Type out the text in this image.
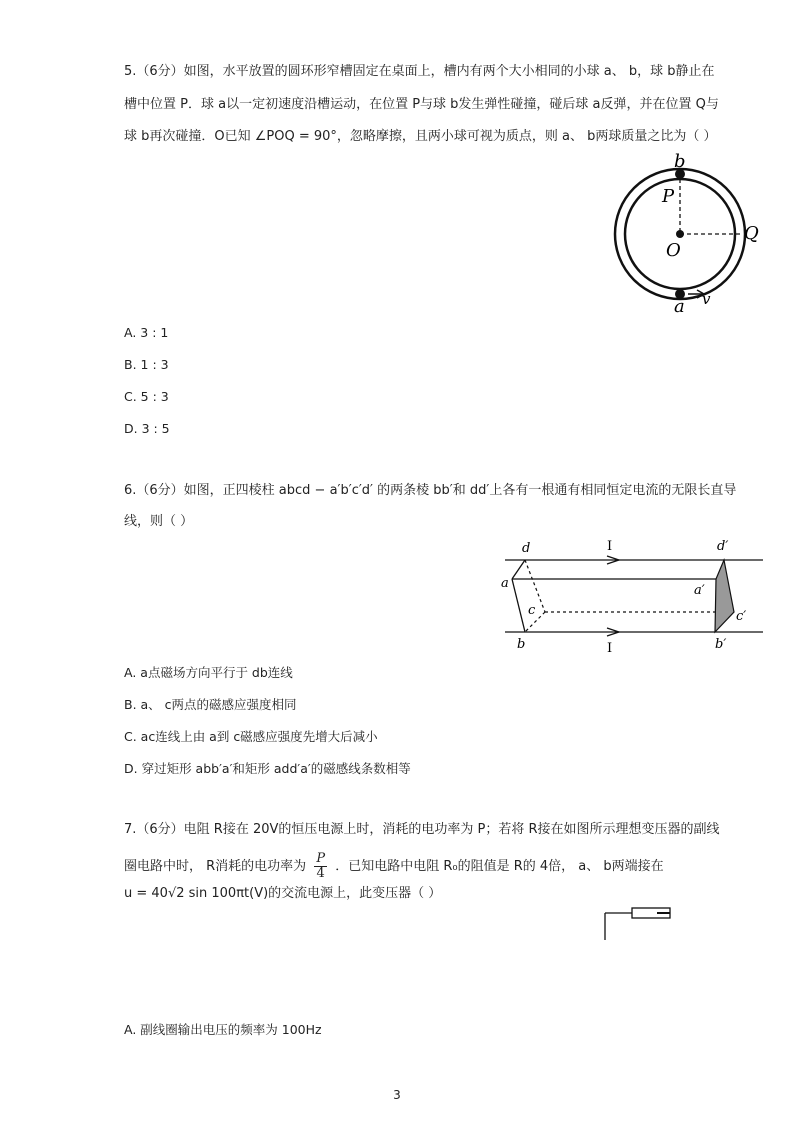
5.（6分）如图，水平放置的圆环形窄槽固定在桌面上，槽内有两个大小相同的小球 a、 b，球 b静止在
槽中位置 P．球 a以一定初速度沿槽运动，在位置 P与球 b发生弹性碰撞，碰后球 a反弹，并在位置 Q与
球 b再次碰撞．O已知 ∠POQ = 90°，忽略摩擦，且两小球可视为质点，则 a、 b两球质量之比为（ ）
b
P
O
Q
a v
A. 3 : 1
B. 1 : 3
C. 5 : 3
D. 3 : 5
6.（6分）如图，正四棱柱 abcd − a′b′c′d′ 的两条棱 bb′和 dd′上各有一根通有相同恒定电流的无限长直导
线，则（ ）
d	I	d′
a	a′
c	c′
b	I	b′
A. a点磁场方向平行于 db连线
B. a、 c两点的磁感应强度相同
C. ac连线上由 a到 c磁感应强度先增大后减小
D. 穿过矩形 abb′a′和矩形 add′a′的磁感线条数相等
7.（6分）电阻 R接在 20V的恒压电源上时，消耗的电功率为 P；若将 R接在如图所示理想变压器的副线
圈电路中时， R消耗的电功率为 $\frac{P}{4}$ ．已知电路中电阻 R₀的阻值是 R的 4倍， a、 b两端接在
u = 40√2 sin 100πt(V)的交流电源上，此变压器（ ）
A. 副线圈输出电压的频率为 100Hz
3
